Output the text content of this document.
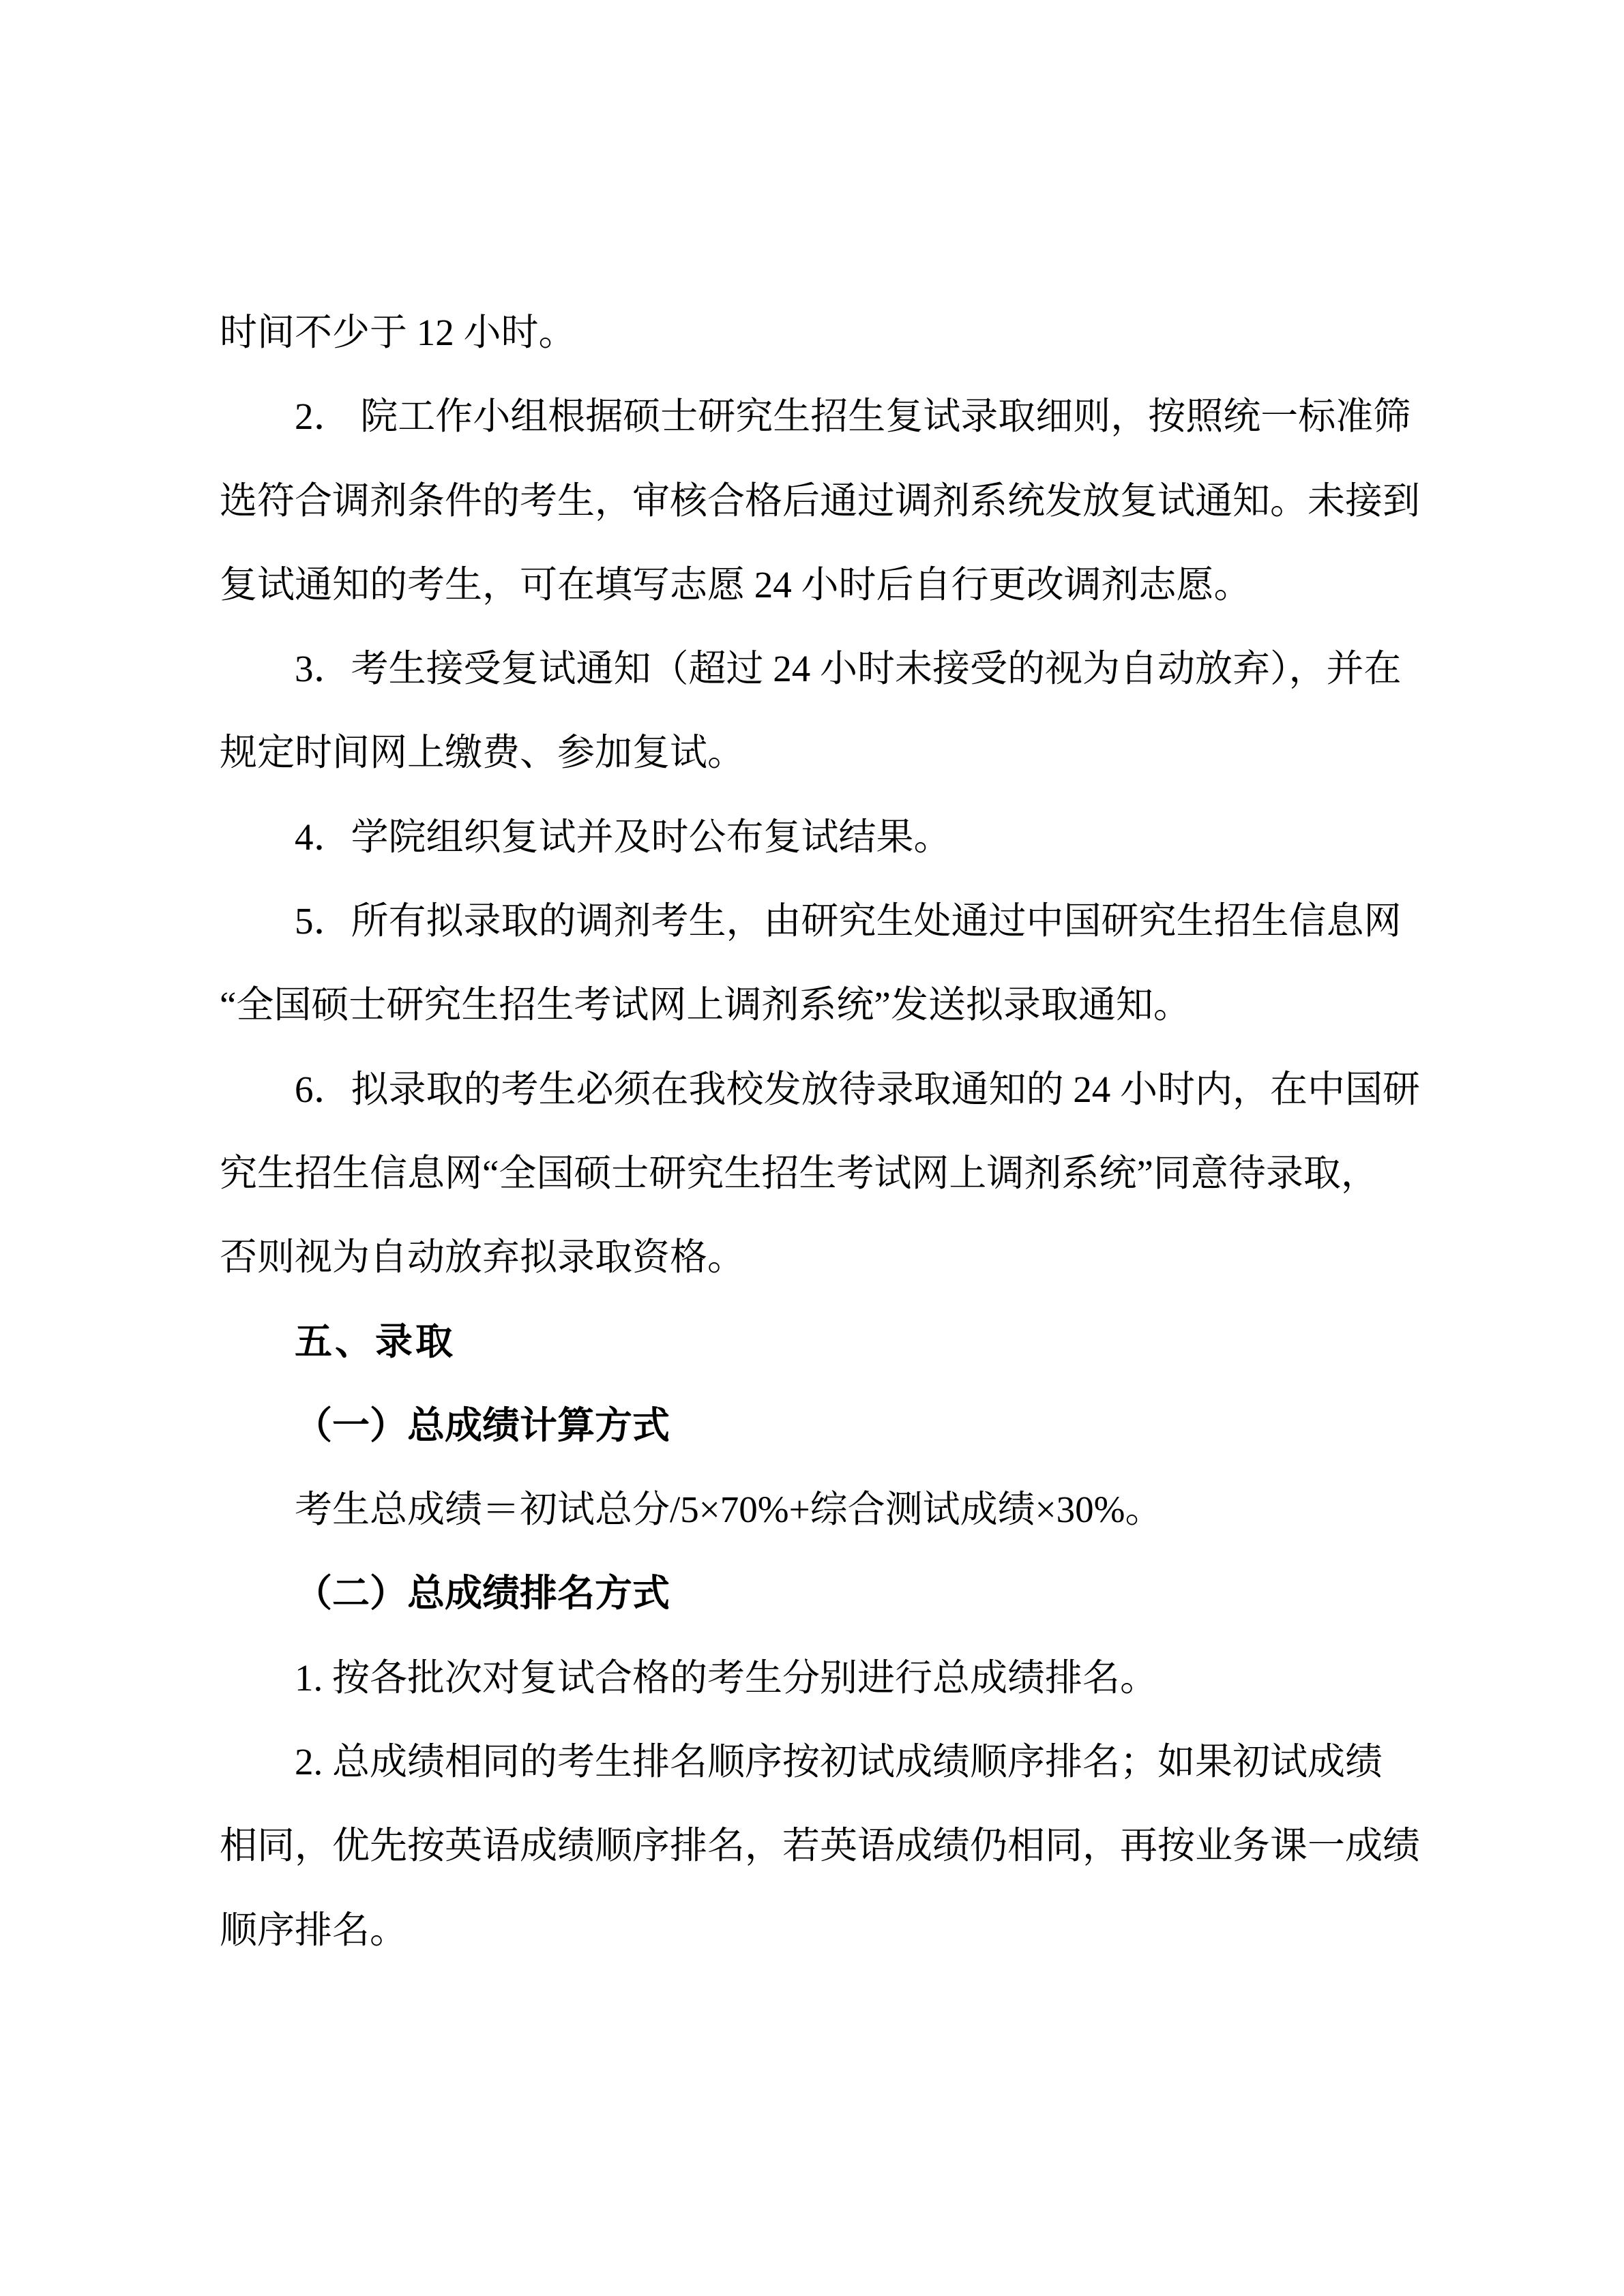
时间不少于 12 小时。
2． 院工作小组根据硕士研究生招生复试录取细则，按照统一标准筛
选符合调剂条件的考生，审核合格后通过调剂系统发放复试通知。未接到
复试通知的考生，可在填写志愿 24 小时后自行更改调剂志愿。
3．考生接受复试通知（超过 24 小时未接受的视为自动放弃），并在
规定时间网上缴费、参加复试。
4．学院组织复试并及时公布复试结果。
5．所有拟录取的调剂考生，由研究生处通过中国研究生招生信息网
“全国硕士研究生招生考试网上调剂系统”发送拟录取通知。
6．拟录取的考生必须在我校发放待录取通知的 24 小时内，在中国研
究生招生信息网“全国硕士研究生招生考试网上调剂系统”同意待录取，
否则视为自动放弃拟录取资格。
五、录取
（一）总成绩计算方式
考生总成绩＝初试总分/5×70%+综合测试成绩×30%。
（二）总成绩排名方式
1. 按各批次对复试合格的考生分别进行总成绩排名。
2. 总成绩相同的考生排名顺序按初试成绩顺序排名；如果初试成绩
相同，优先按英语成绩顺序排名，若英语成绩仍相同，再按业务课一成绩
顺序排名。
